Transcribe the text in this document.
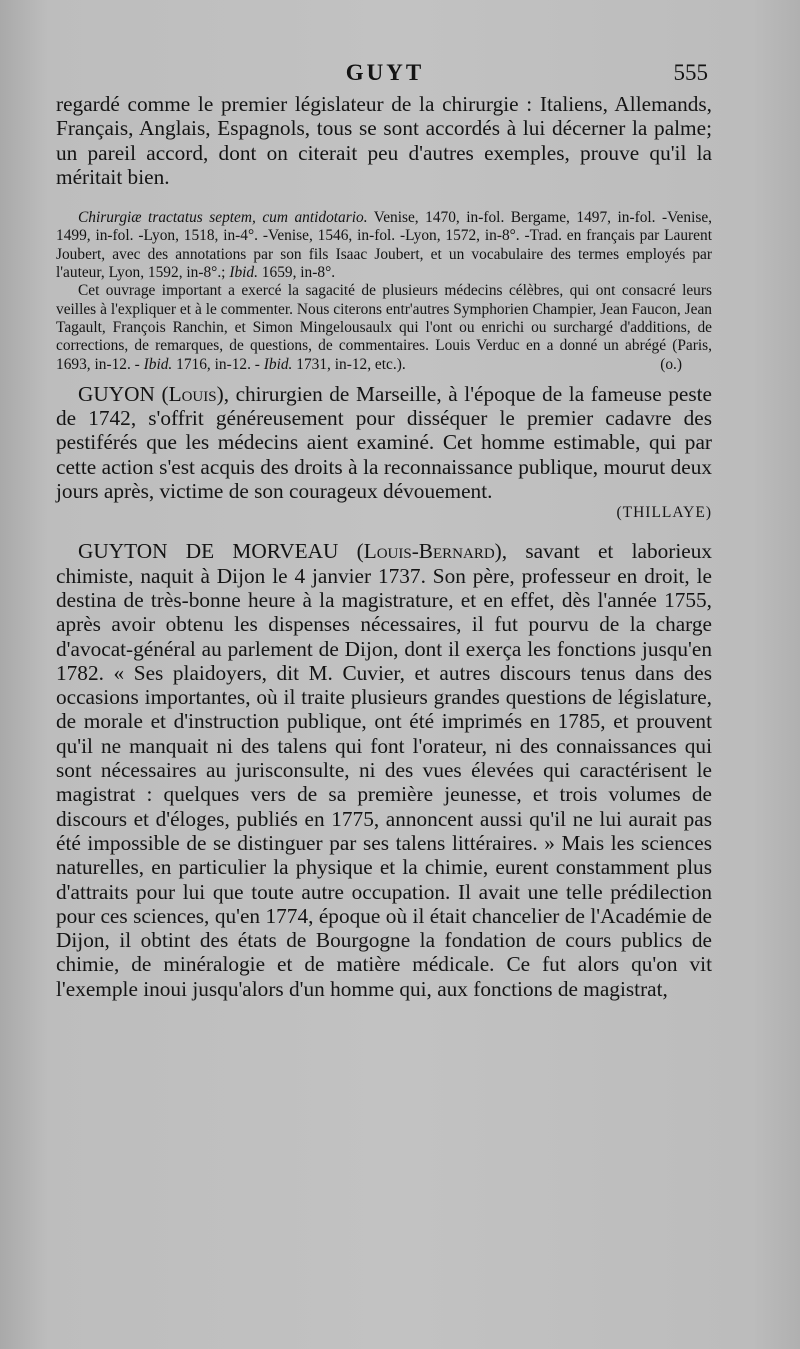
GUYT	555

regardé comme le premier législateur de la chirurgie : Italiens, Allemands, Français, Anglais, Espagnols, tous se sont accordés à lui décerner la palme; un pareil accord, dont on citerait peu d'autres exemples, prouve qu'il la méritait bien.

Chirurgiæ tractatus septem, cum antidotario. Venise, 1470, in-fol. Bergame, 1497, in-fol. -Venise, 1499, in-fol. -Lyon, 1518, in-4°. -Venise, 1546, in-fol. -Lyon, 1572, in-8°. -Trad. en français par Laurent Joubert, avec des annotations par son fils Isaac Joubert, et un vocabulaire des termes employés par l'auteur, Lyon, 1592, in-8°.; Ibid. 1659, in-8°.

Cet ouvrage important a exercé la sagacité de plusieurs médecins célèbres, qui ont consacré leurs veilles à l'expliquer et à le commenter. Nous citerons entr'autres Symphorien Champier, Jean Faucon, Jean Tagault, François Ranchin, et Simon Mingelousaulx qui l'ont ou enrichi ou surchargé d'additions, de corrections, de remarques, de questions, de commentaires. Louis Verduc en a donné un abrégé (Paris, 1693, in-12. - Ibid. 1716, in-12. - Ibid. 1731, in-12, etc.).	(o.)

GUYON (Louis), chirurgien de Marseille, à l'époque de la fameuse peste de 1742, s'offrit généreusement pour disséquer le premier cadavre des pestiférés que les médecins aient examiné. Cet homme estimable, qui par cette action s'est acquis des droits à la reconnaissance publique, mourut deux jours après, victime de son courageux dévouement.

(THILLAYE)

GUYTON DE MORVEAU (Louis-Bernard), savant et laborieux chimiste, naquit à Dijon le 4 janvier 1737. Son père, professeur en droit, le destina de très-bonne heure à la magistrature, et en effet, dès l'année 1755, après avoir obtenu les dispenses nécessaires, il fut pourvu de la charge d'avocat-général au parlement de Dijon, dont il exerça les fonctions jusqu'en 1782. « Ses plaidoyers, dit M. Cuvier, et autres discours tenus dans des occasions importantes, où il traite plusieurs grandes questions de législature, de morale et d'instruction publique, ont été imprimés en 1785, et prouvent qu'il ne manquait ni des talens qui font l'orateur, ni des connaissances qui sont nécessaires au jurisconsulte, ni des vues élevées qui caractérisent le magistrat : quelques vers de sa première jeunesse, et trois volumes de discours et d'éloges, publiés en 1775, annoncent aussi qu'il ne lui aurait pas été impossible de se distinguer par ses talens littéraires. » Mais les sciences naturelles, en particulier la physique et la chimie, eurent constamment plus d'attraits pour lui que toute autre occupation. Il avait une telle prédilection pour ces sciences, qu'en 1774, époque où il était chancelier de l'Académie de Dijon, il obtint des états de Bourgogne la fondation de cours publics de chimie, de minéralogie et de matière médicale. Ce fut alors qu'on vit l'exemple inoui jusqu'alors d'un homme qui, aux fonctions de magistrat,
